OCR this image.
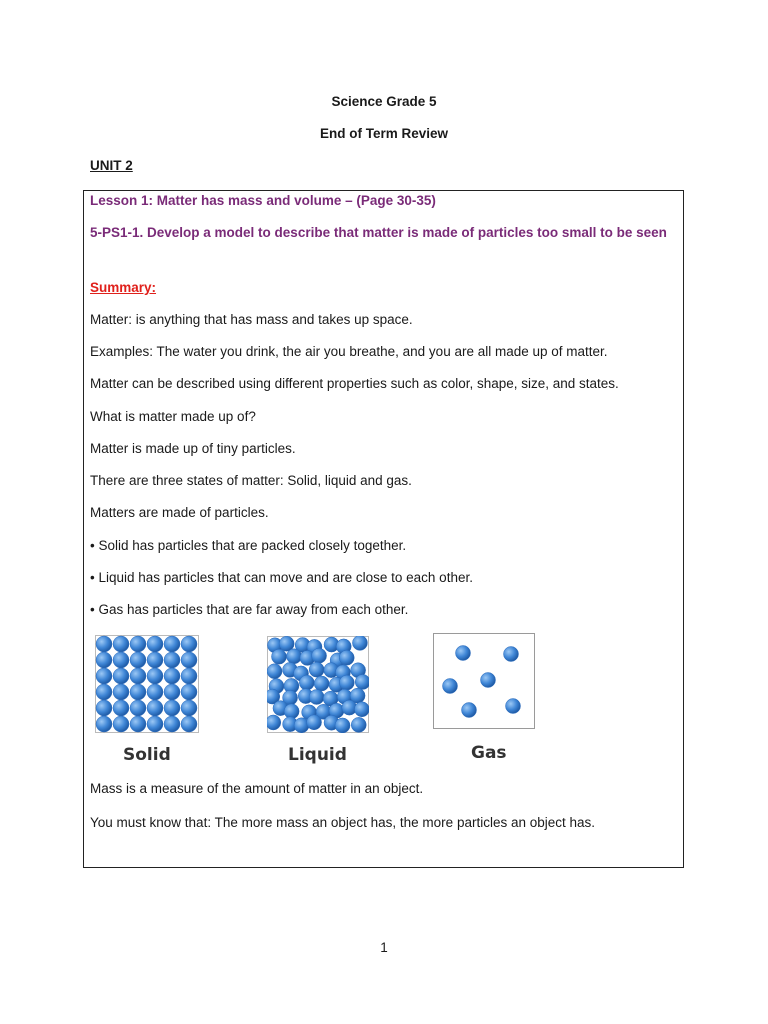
Science Grade 5
End of Term Review
UNIT 2
Lesson 1: Matter has mass and volume – (Page 30-35)
5-PS1-1. Develop a model to describe that matter is made of particles too small to be seen
Summary:
Matter: is anything that has mass and takes up space.
Examples: The water you drink, the air you breathe, and you are all made up of matter.
Matter can be described using different properties such as color, shape, size, and states.
What is matter made up of?
Matter is made up of tiny particles.
There are three states of matter: Solid, liquid and gas.
Matters are made of particles.
• Solid has particles that are packed closely together.
• Liquid has particles that can move and are close to each other.
• Gas has particles that are far away from each other.
Solid	Liquid	Gas
Mass is a measure of the amount of matter in an object.
You must know that: The more mass an object has, the more particles an object has.
1
